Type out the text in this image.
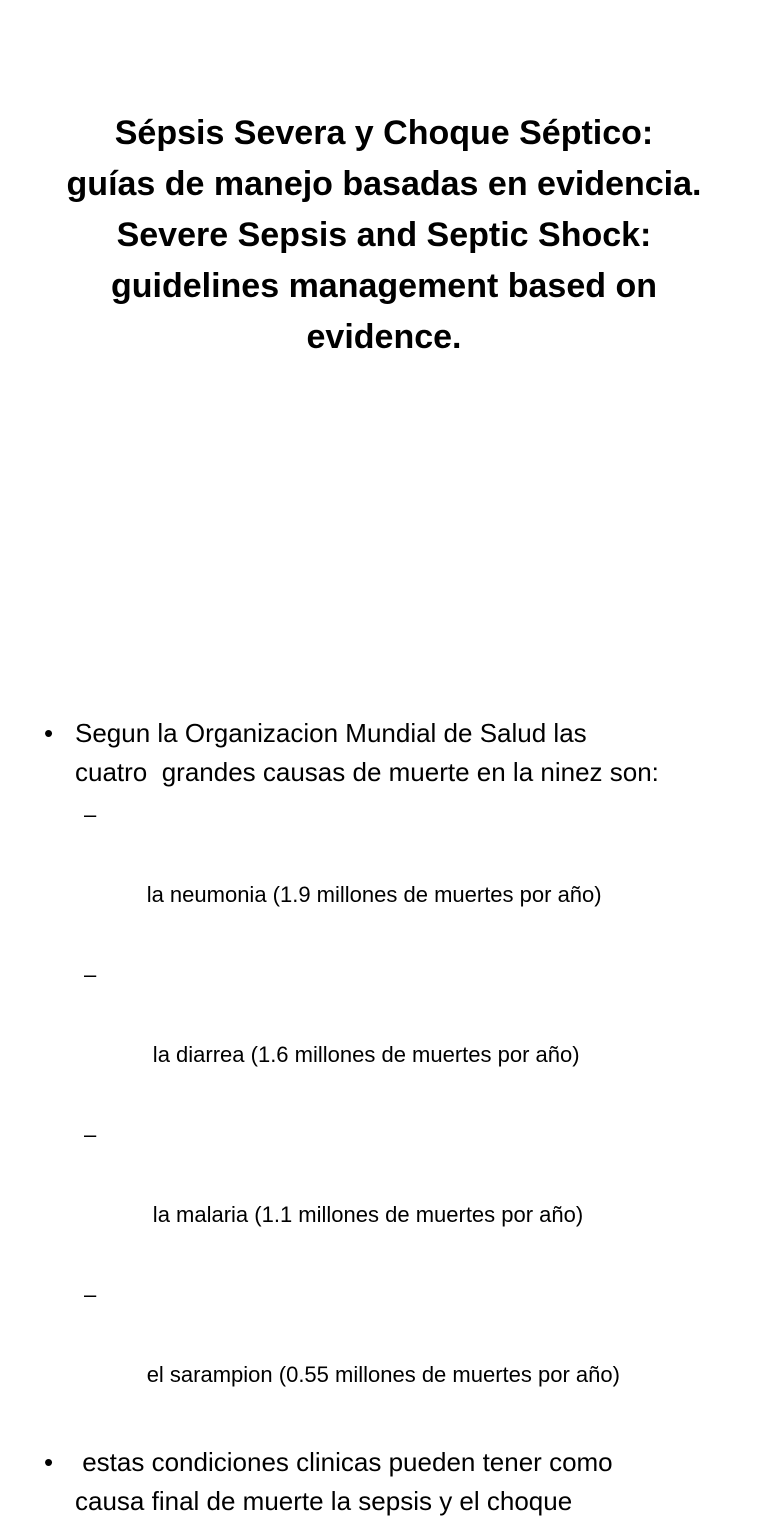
Sépsis Severa y Choque Séptico:
guías de manejo basadas en evidencia.
Severe Sepsis and Septic Shock:
guidelines management based on
evidence.
• Segun la Organizacion Mundial de Salud las
cuatro  grandes causas de muerte en la ninez son:

–

la neumonia (1.9 millones de muertes por año)

–

la diarrea (1.6 millones de muertes por año)

–

la malaria (1.1 millones de muertes por año)

–

el sarampion (0.55 millones de muertes por año)

• estas condiciones clinicas pueden tener como
causa final de muerte la sepsis y el choque
